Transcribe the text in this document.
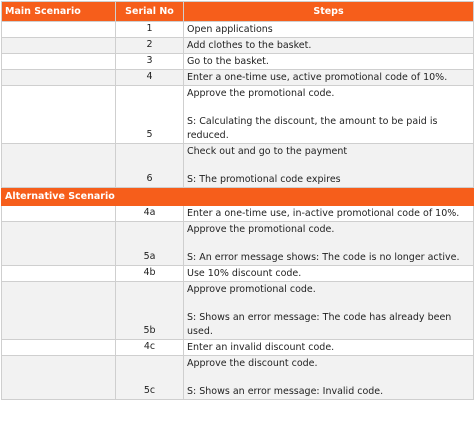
Main Scenario	Serial No	Steps
	1	Open applications

	2	Add clothes to the basket.

	3	Go to the basket.

	4	Enter a one-time use, active promotional code of 10%.

	5	Approve the promotional code.
S: Calculating the discount, the amount to be paid is
reduced.

	6	Check out and go to the payment
S: The promotional code expires

Alternative Scenario		
	4a	Enter a one-time use, in-active promotional code of 10%.

	5a	Approve the promotional code.
S: An error message shows: The code is no longer active.

	4b	Use 10% discount code.

	5b	Approve promotional code.
S: Shows an error message: The code has already been
used.

	4c	Enter an invalid discount code.

	5c	Approve the discount code.
S: Shows an error message: Invalid code.
